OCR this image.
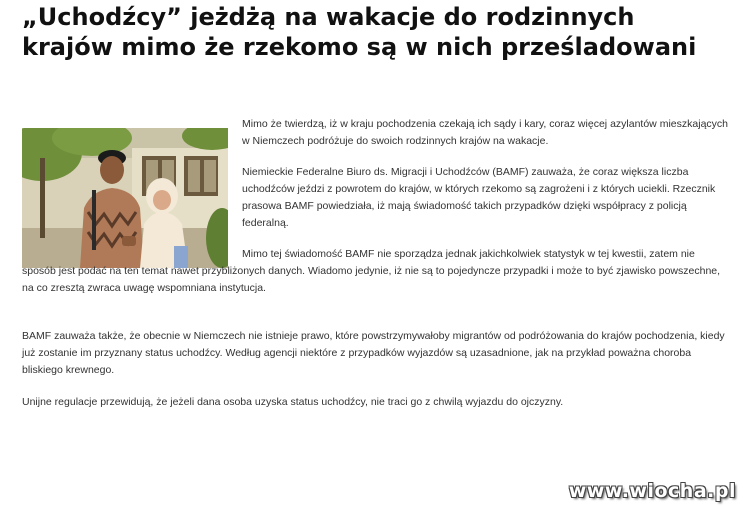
„Uchodźcy” jeżdżą na wakacje do rodzinnych krajów mimo że rzekomo są w nich prześladowani

Mimo że twierdzą, iż w kraju pochodzenia czekają ich sądy i kary, coraz więcej azylantów mieszkających w Niemczech podróżuje do swoich rodzinnych krajów na wakacje.

Niemieckie Federalne Biuro ds. Migracji i Uchodźców (BAMF) zauważa, że coraz większa liczba uchodźców jeździ z powrotem do krajów, w których rzekomo są zagrożeni i z których uciekli. Rzecznik prasowa BAMF powiedziała, iż mają świadomość takich przypadków dzięki współpracy z policją federalną.

Mimo tej świadomość BAMF nie sporządza jednak jakichkolwiek statystyk w tej kwestii, zatem nie sposób jest podać na ten temat nawet przybliżonych danych. Wiadomo jedynie, iż nie są to pojedyncze przypadki i może to być zjawisko powszechne, na co zresztą zwraca uwagę wspomniana instytucja.

BAMF zauważa także, że obecnie w Niemczech nie istnieje prawo, które powstrzymywałoby migrantów od podróżowania do krajów pochodzenia, kiedy już zostanie im przyznany status uchodźcy. Według agencji niektóre z przypadków wyjazdów są uzasadnione, jak na przykład poważna choroba bliskiego krewnego.

Unijne regulacje przewidują, że jeżeli dana osoba uzyska status uchodźcy, nie traci go z chwilą wyjazdu do ojczyzny.

www.wiocha.pl
